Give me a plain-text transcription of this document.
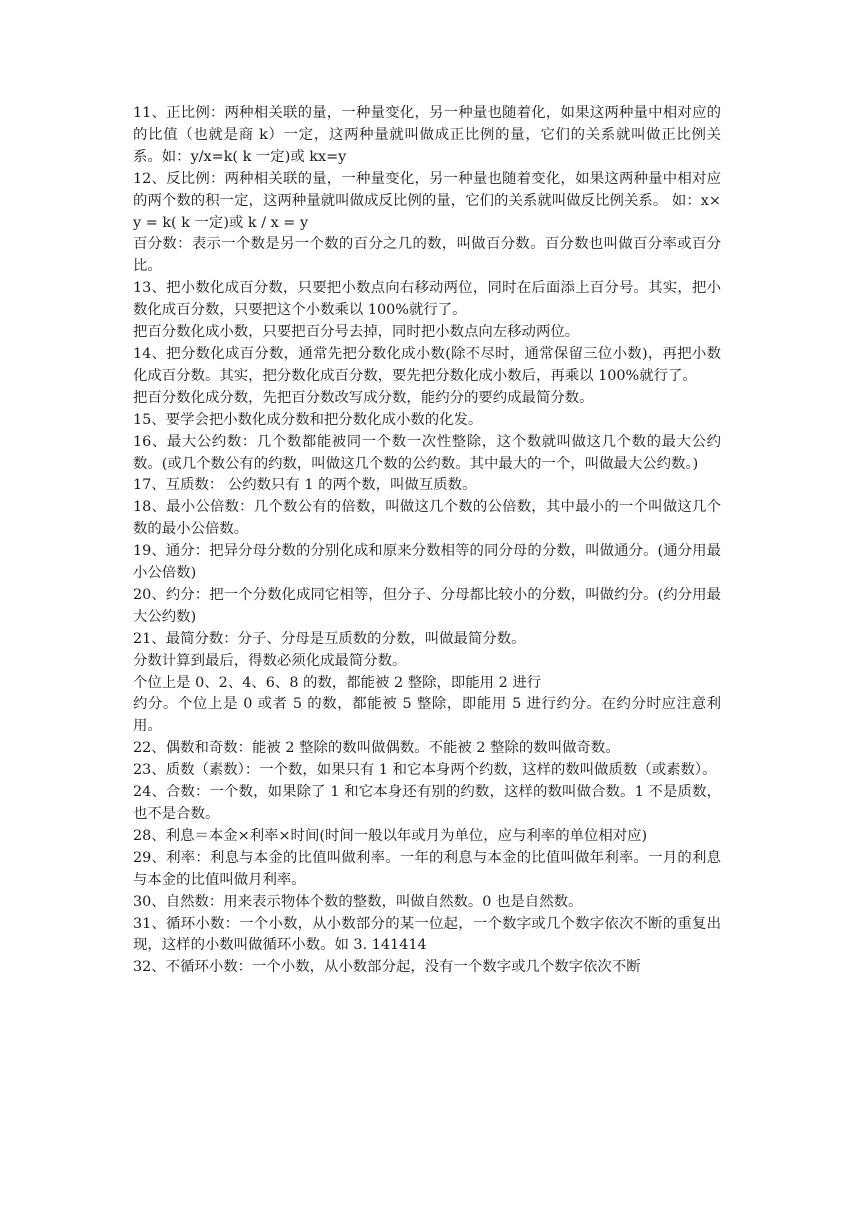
11、正比例：两种相关联的量，一种量变化，另一种量也随着化，如果这两种量中相对应的的比值（也就是商 k）一定，这两种量就叫做成正比例的量，它们的关系就叫做正比例关系。如：y/x=k( k 一定)或 kx=y

12、反比例：两种相关联的量，一种量变化，另一种量也随着变化，如果这两种量中相对应的两个数的积一定，这两种量就叫做成反比例的量，它们的关系就叫做反比例关系。 如：x×y = k( k 一定)或 k / x = y

百分数：表示一个数是另一个数的百分之几的数，叫做百分数。百分数也叫做百分率或百分比。

13、把小数化成百分数，只要把小数点向右移动两位，同时在后面添上百分号。其实，把小数化成百分数，只要把这个小数乘以 100%就行了。

把百分数化成小数，只要把百分号去掉，同时把小数点向左移动两位。

14、把分数化成百分数，通常先把分数化成小数(除不尽时，通常保留三位小数)，再把小数化成百分数。其实，把分数化成百分数，要先把分数化成小数后，再乘以 100%就行了。

把百分数化成分数，先把百分数改写成分数，能约分的要约成最简分数。

15、要学会把小数化成分数和把分数化成小数的化发。

16、最大公约数：几个数都能被同一个数一次性整除，这个数就叫做这几个数的最大公约数。(或几个数公有的约数，叫做这几个数的公约数。其中最大的一个，叫做最大公约数。)

17、互质数： 公约数只有 1 的两个数，叫做互质数。

18、最小公倍数：几个数公有的倍数，叫做这几个数的公倍数，其中最小的一个叫做这几个数的最小公倍数。

19、通分：把异分母分数的分别化成和原来分数相等的同分母的分数，叫做通分。(通分用最小公倍数)

20、约分：把一个分数化成同它相等，但分子、分母都比较小的分数，叫做约分。(约分用最大公约数)

21、最简分数：分子、分母是互质数的分数，叫做最简分数。

分数计算到最后，得数必须化成最简分数。

个位上是 0、2、4、6、8 的数，都能被 2 整除，即能用 2 进行

约分。个位上是 0 或者 5 的数，都能被 5 整除，即能用 5 进行约分。在约分时应注意利用。

22、偶数和奇数：能被 2 整除的数叫做偶数。不能被 2 整除的数叫做奇数。

23、质数（素数）：一个数，如果只有 1 和它本身两个约数，这样的数叫做质数（或素数）。

24、合数：一个数，如果除了 1 和它本身还有别的约数，这样的数叫做合数。1 不是质数，也不是合数。

28、利息＝本金×利率×时间(时间一般以年或月为单位，应与利率的单位相对应)

29、利率：利息与本金的比值叫做利率。一年的利息与本金的比值叫做年利率。一月的利息与本金的比值叫做月利率。

30、自然数：用来表示物体个数的整数，叫做自然数。0 也是自然数。

31、循环小数：一个小数，从小数部分的某一位起，一个数字或几个数字依次不断的重复出现，这样的小数叫做循环小数。如 3. 141414

32、不循环小数：一个小数，从小数部分起，没有一个数字或几个数字依次不断
